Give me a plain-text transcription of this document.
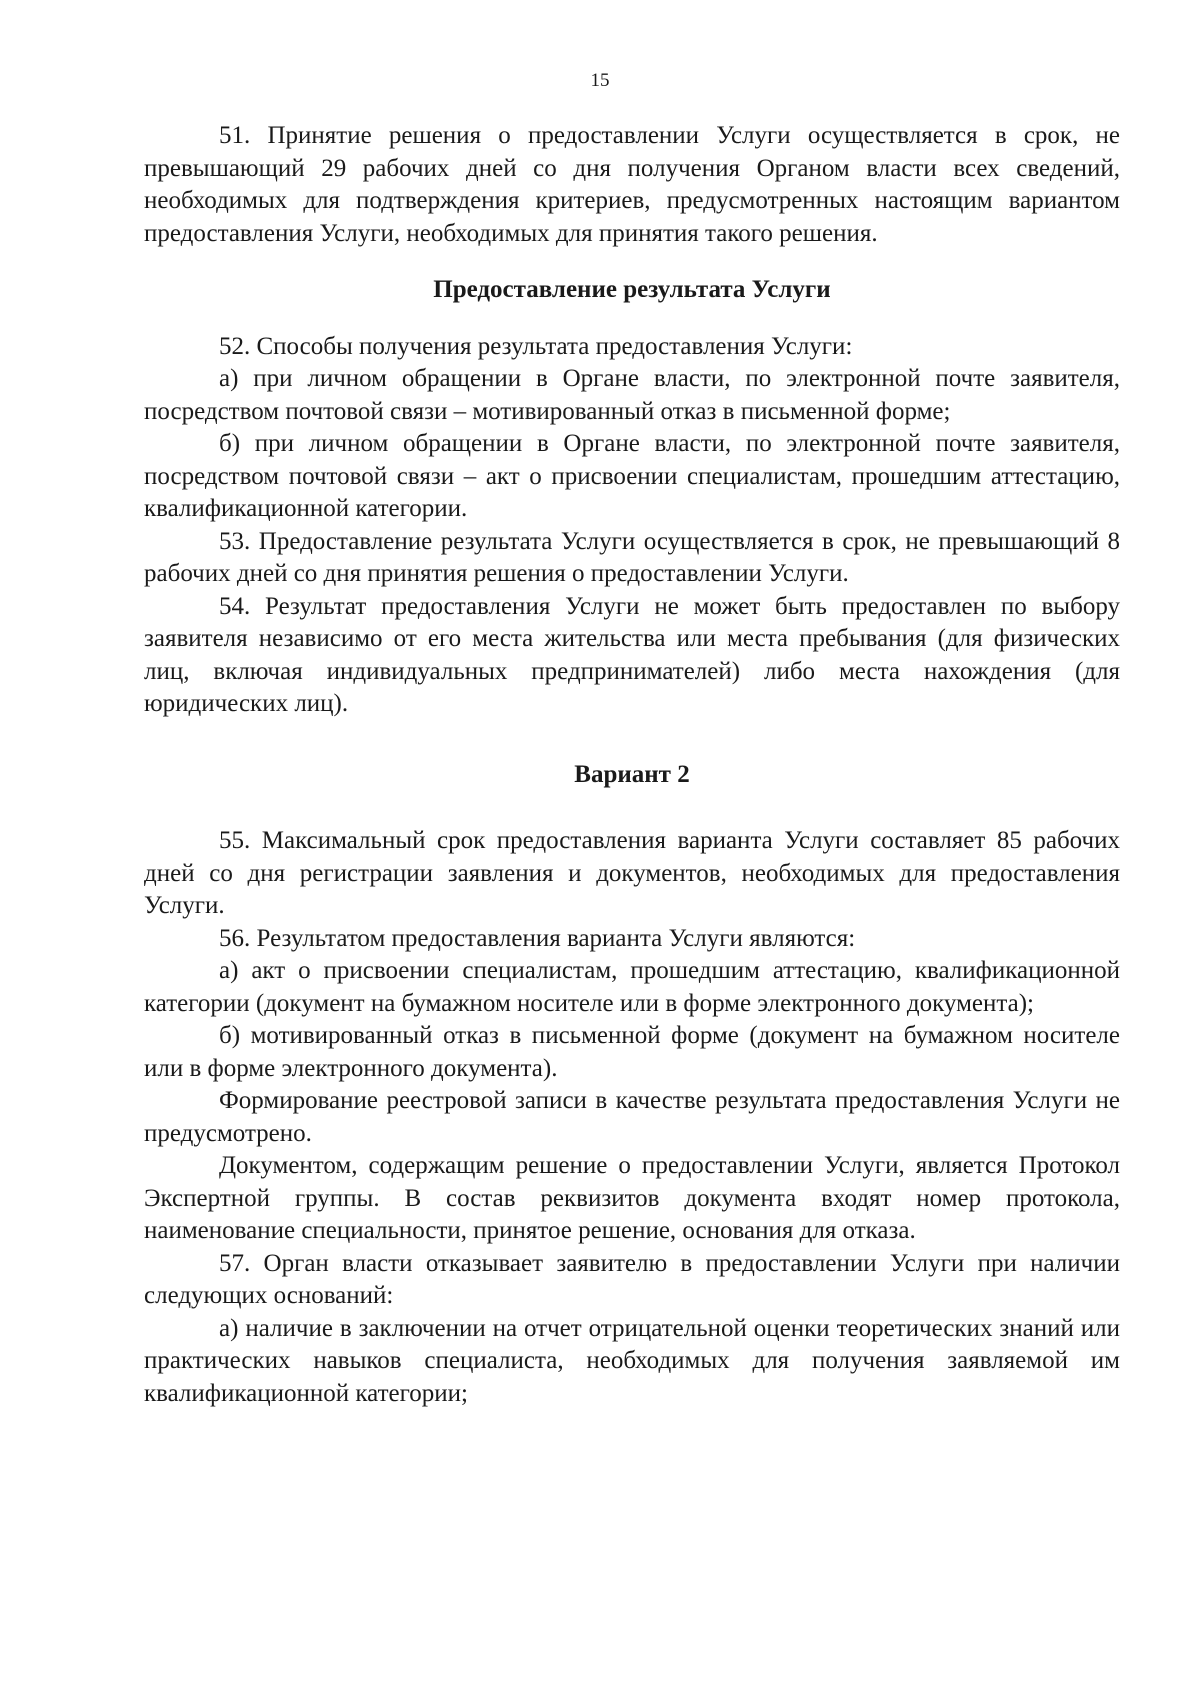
15

51. Принятие решения о предоставлении Услуги осуществляется в срок, не превышающий 29 рабочих дней со дня получения Органом власти всех сведений, необходимых для подтверждения критериев, предусмотренных настоящим вариантом предоставления Услуги, необходимых для принятия такого решения.

Предоставление результата Услуги

52. Способы получения результата предоставления Услуги:

а) при личном обращении в Органе власти, по электронной почте заявителя, посредством почтовой связи – мотивированный отказ в письменной форме;

б) при личном обращении в Органе власти, по электронной почте заявителя, посредством почтовой связи – акт о присвоении специалистам, прошедшим аттестацию, квалификационной категории.

53. Предоставление результата Услуги осуществляется в срок, не превышающий 8 рабочих дней со дня принятия решения о предоставлении Услуги.

54. Результат предоставления Услуги не может быть предоставлен по выбору заявителя независимо от его места жительства или места пребывания (для физических лиц, включая индивидуальных предпринимателей) либо места нахождения (для юридических лиц).

Вариант 2

55. Максимальный срок предоставления варианта Услуги составляет 85 рабочих дней со дня регистрации заявления и документов, необходимых для предоставления Услуги.

56. Результатом предоставления варианта Услуги являются:

а) акт о присвоении специалистам, прошедшим аттестацию, квалификационной категории (документ на бумажном носителе или в форме электронного документа);

б) мотивированный отказ в письменной форме (документ на бумажном носителе или в форме электронного документа).

Формирование реестровой записи в качестве результата предоставления Услуги не предусмотрено.

Документом, содержащим решение о предоставлении Услуги, является Протокол Экспертной группы. В состав реквизитов документа входят номер протокола, наименование специальности, принятое решение, основания для отказа.

57. Орган власти отказывает заявителю в предоставлении Услуги при наличии следующих оснований:

а) наличие в заключении на отчет отрицательной оценки теоретических знаний или практических навыков специалиста, необходимых для получения заявляемой им квалификационной категории;
